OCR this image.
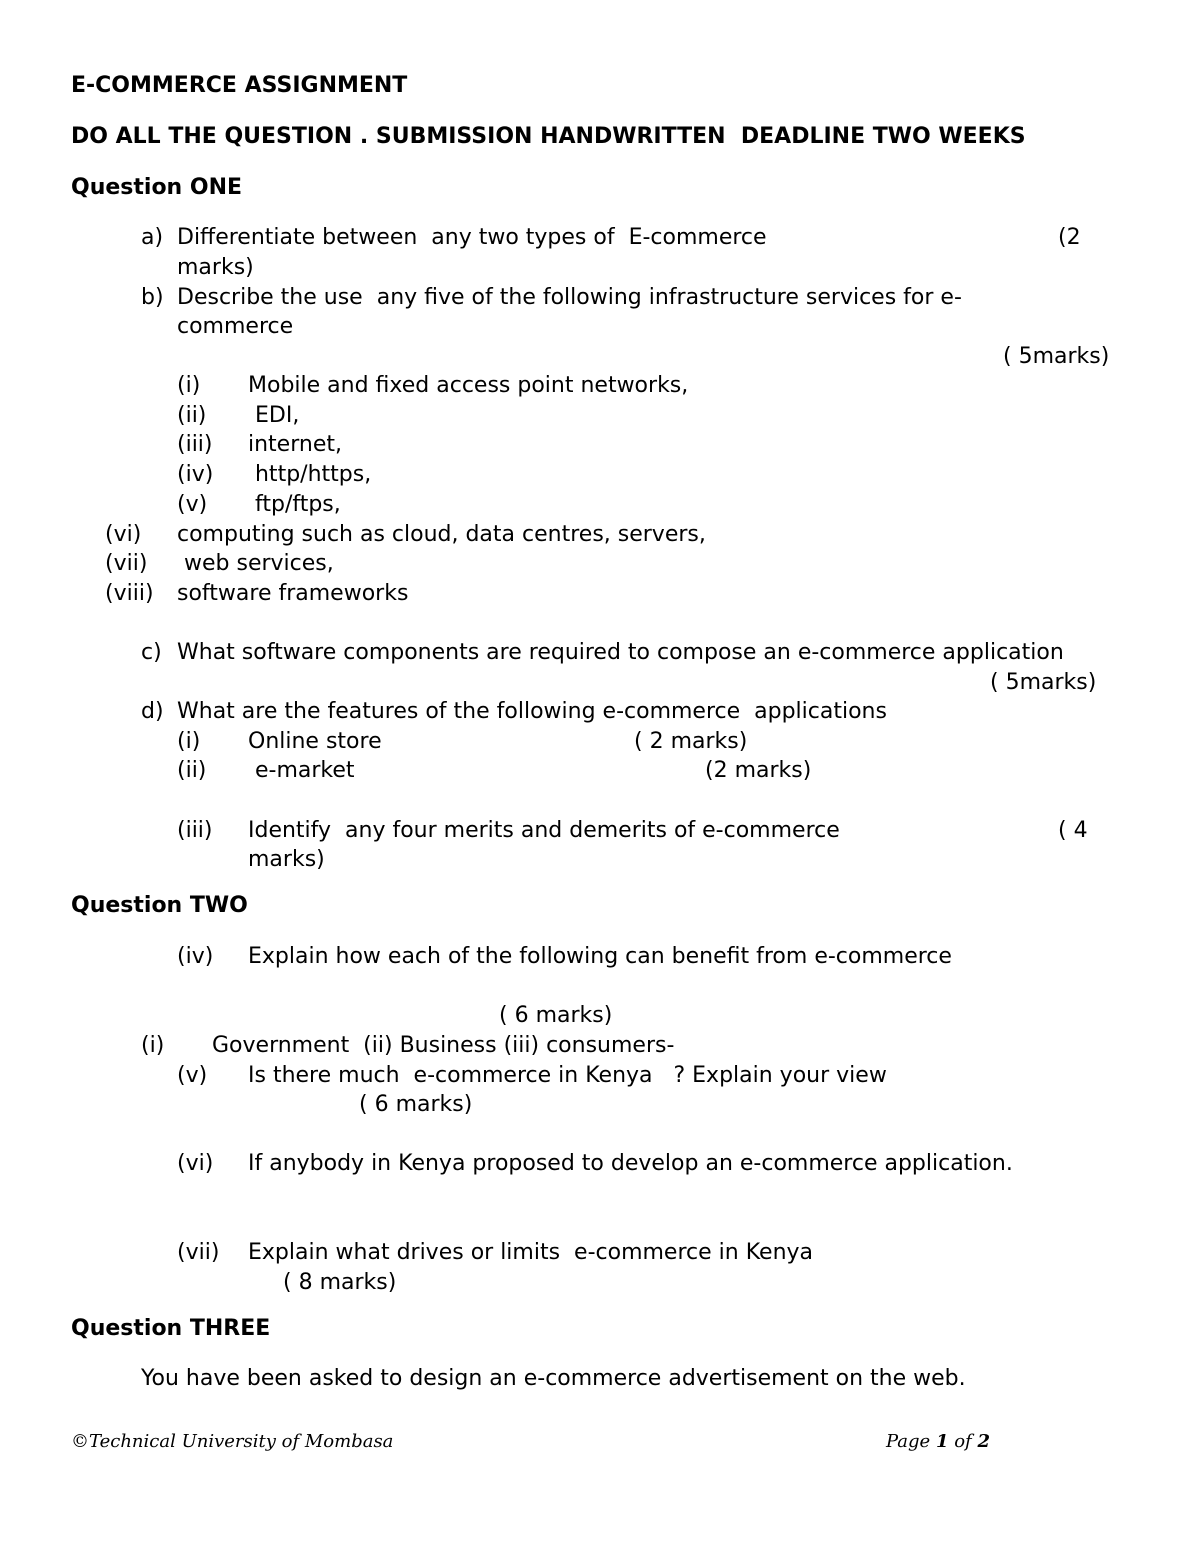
E-COMMERCE ASSIGNMENT
DO ALL THE QUESTION . SUBMISSION HANDWRITTEN  DEADLINE TWO WEEKS
Question ONE
a) Differentiate between  any two types of  E-commerce	(2
marks)
b) Describe the use  any five of the following infrastructure services for e-
commerce
( 5marks)
(i) Mobile and fixed access point networks,
(ii) EDI,
(iii) internet,
(iv) http/https,
(v) ftp/ftps,
(vi) computing such as cloud, data centres, servers,
(vii) web services,
(viii) software frameworks
c) What software components are required to compose an e-commerce application
( 5marks)
d) What are the features of the following e-commerce  applications
(i) Online store	( 2 marks)
(ii) e-market	(2 marks)
(iii) Identify  any four merits and demerits of e-commerce	( 4
marks)
Question TWO
(iv) Explain how each of the following can benefit from e-commerce
( 6 marks)
(i) Government  (ii) Business (iii) consumers-
(v) Is there much  e-commerce in Kenya   ? Explain your view
( 6 marks)
(vi) If anybody in Kenya proposed to develop an e-commerce application.
(vii) Explain what drives or limits  e-commerce in Kenya
( 8 marks)
Question THREE
You have been asked to design an e-commerce advertisement on the web.
©Technical University of Mombasa	Page 1 of 2
